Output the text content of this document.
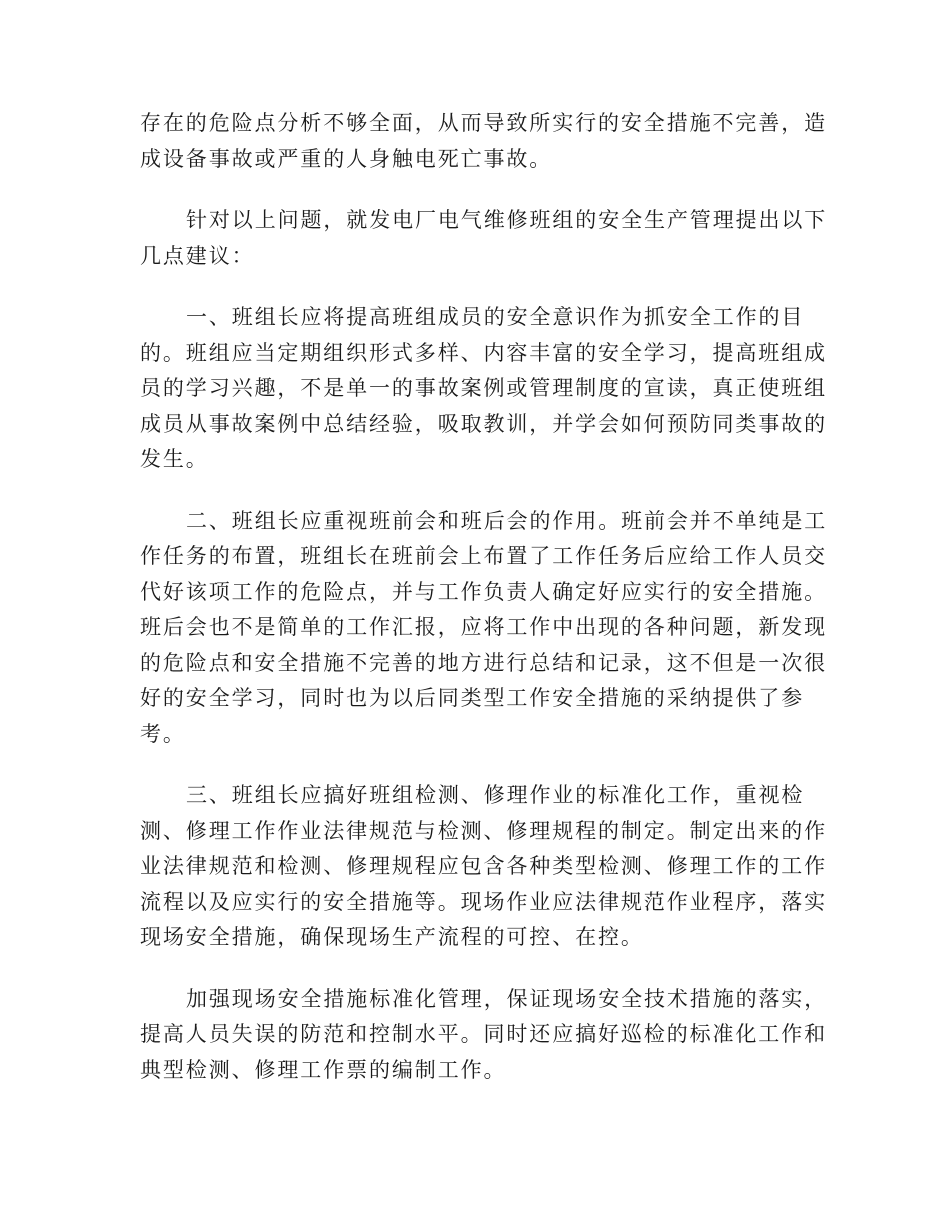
存在的危险点分析不够全面，从而导致所实行的安全措施不完善，造
成设备事故或严重的人身触电死亡事故。
针对以上问题，就发电厂电气维修班组的安全生产管理提出以下
几点建议：
一、班组长应将提高班组成员的安全意识作为抓安全工作的目
的。班组应当定期组织形式多样、内容丰富的安全学习，提高班组成
员的学习兴趣，不是单一的事故案例或管理制度的宣读，真正使班组
成员从事故案例中总结经验，吸取教训，并学会如何预防同类事故的
发生。
二、班组长应重视班前会和班后会的作用。班前会并不单纯是工
作任务的布置，班组长在班前会上布置了工作任务后应给工作人员交
代好该项工作的危险点，并与工作负责人确定好应实行的安全措施。
班后会也不是简单的工作汇报，应将工作中出现的各种问题，新发现
的危险点和安全措施不完善的地方进行总结和记录，这不但是一次很
好的安全学习，同时也为以后同类型工作安全措施的采纳提供了参
考。
三、班组长应搞好班组检测、修理作业的标准化工作，重视检
测、修理工作作业法律规范与检测、修理规程的制定。制定出来的作
业法律规范和检测、修理规程应包含各种类型检测、修理工作的工作
流程以及应实行的安全措施等。现场作业应法律规范作业程序，落实
现场安全措施，确保现场生产流程的可控、在控。
加强现场安全措施标准化管理，保证现场安全技术措施的落实，
提高人员失误的防范和控制水平。同时还应搞好巡检的标准化工作和
典型检测、修理工作票的编制工作。
